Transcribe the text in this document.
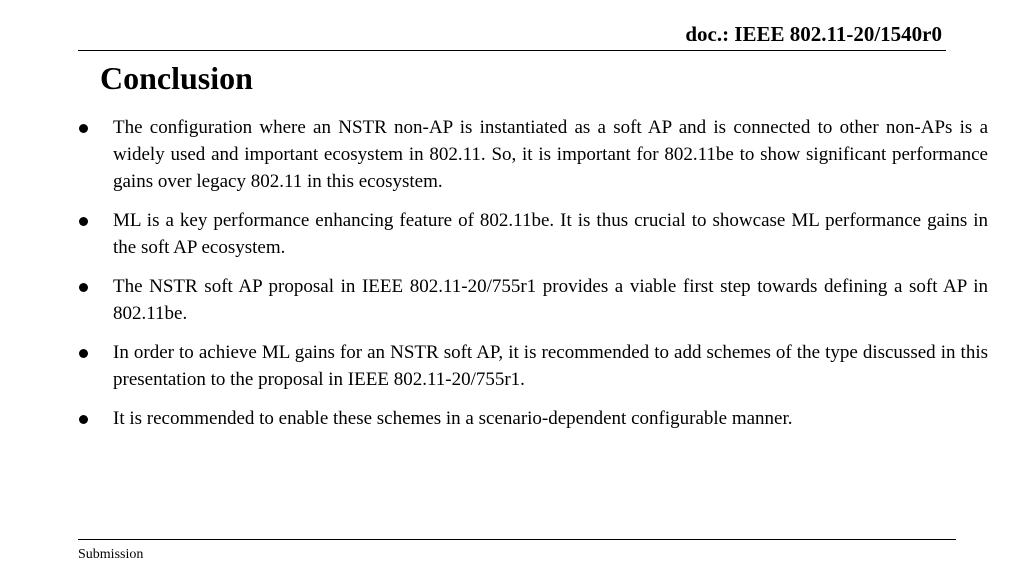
doc.: IEEE 802.11-20/1540r0
Conclusion
The configuration where an NSTR non-AP is instantiated as a soft AP and is connected to other non-APs is a widely used and important ecosystem in 802.11. So, it is important for 802.11be to show significant performance gains over legacy 802.11 in this ecosystem.
ML is a key performance enhancing feature of 802.11be. It is thus crucial to showcase ML performance gains in the soft AP ecosystem.
The NSTR soft AP proposal in IEEE 802.11-20/755r1 provides a viable first step towards defining a soft AP in 802.11be.
In order to achieve ML gains for an NSTR soft AP, it is recommended to add schemes of the type discussed in this presentation to the proposal in IEEE 802.11-20/755r1.
It is recommended to enable these schemes in a scenario-dependent configurable manner.
Submission
